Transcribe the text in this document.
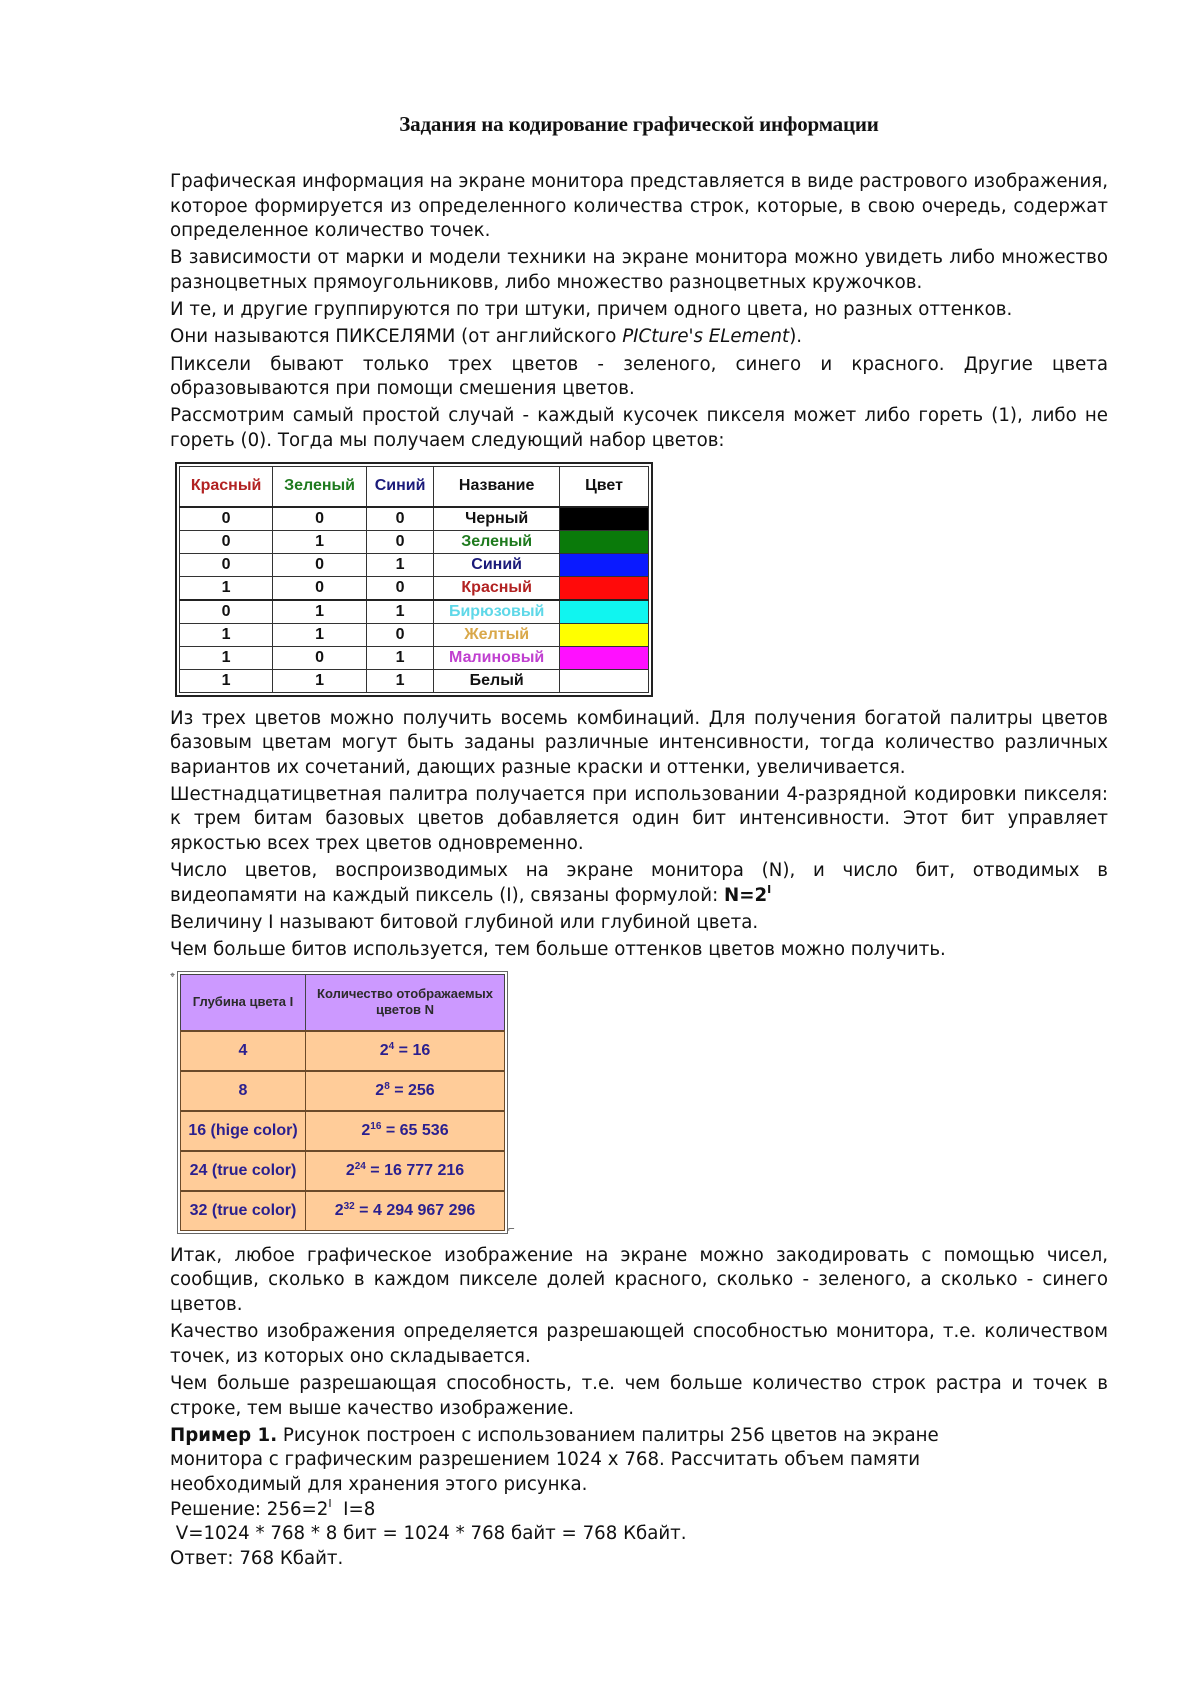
Задания на кодирование графической информации

Графическая информация на экране монитора представляется в виде растрового изображения, которое формируется из определенного количества строк, которые, в свою очередь, содержат определенное количество точек.

В зависимости от марки и модели техники на экране монитора можно увидеть либо множество разноцветных прямоугольниковв, либо множество разноцветных кружочков.

И те, и другие группируются по три штуки, причем одного цвета, но разных оттенков.

Они называются ПИКСЕЛЯМИ (от английского PICture's ELement).

Пиксели бывают только трех цветов - зеленого, синего и красного. Другие цвета образовываются при помощи смешения цветов.

Рассмотрим самый простой случай - каждый кусочек пикселя может либо гореть (1), либо не гореть (0). Тогда мы получаем следующий набор цветов:

Красный	Зеленый	Синий	Название	Цвет
0	0	0	Черный	
0	1	0	Зеленый	
0	0	1	Синий	
1	0	0	Красный	
0	1	1	Бирюзовый	
1	1	0	Желтый	
1	0	1	Малиновый	
1	1	1	Белый	

Из трех цветов можно получить восемь комбинаций. Для получения богатой палитры цветов базовым цветам могут быть заданы различные интенсивности, тогда количество различных вариантов их сочетаний, дающих разные краски и оттенки, увеличивается.

Шестнадцатицветная палитра получается при использовании 4-разрядной кодировки пикселя: к трем битам базовых цветов добавляется один бит интенсивности. Этот бит управляет яркостью всех трех цветов одновременно.

Число цветов, воспроизводимых на экране монитора (N), и число бит, отводимых в видеопамяти на каждый пиксель (I), связаны формулой: $N=2^I$

Величину I называют битовой глубиной или глубиной цвета.

Чем больше битов используется, тем больше оттенков цветов можно получить.

⌖
Глубина цвета I	Количество отображаемых цветов N
4	$2^4 = 16$
8	$2^8 = 256$
16 (hige color)	$2^{16} = 65$ 536
24 (true color)	$2^{24} = 16$ 777 216
32 (true color)	$2^{32} = 4$ 294 967 296
⌐

Итак, любое графическое изображение на экране можно закодировать с помощью чисел, сообщив, сколько в каждом пикселе долей красного, сколько - зеленого, а сколько - синего цветов.

Качество изображения определяется разрешающей способностью монитора, т.е. количеством точек, из которых оно складывается.

Чем больше разрешающая способность, т.е. чем больше количество строк растра и точек в строке, тем выше качество изображение.

Пример 1. Рисунок построен с использованием палитры 256 цветов на экране
монитора с графическим разрешением 1024 х 768. Рассчитать объем памяти
необходимый для хранения этого рисунка.

Решение: $256=2^I$  I=8

V=1024 * 768 * 8 бит = 1024 * 768 байт = 768 Кбайт.

Ответ: 768 Кбайт.
